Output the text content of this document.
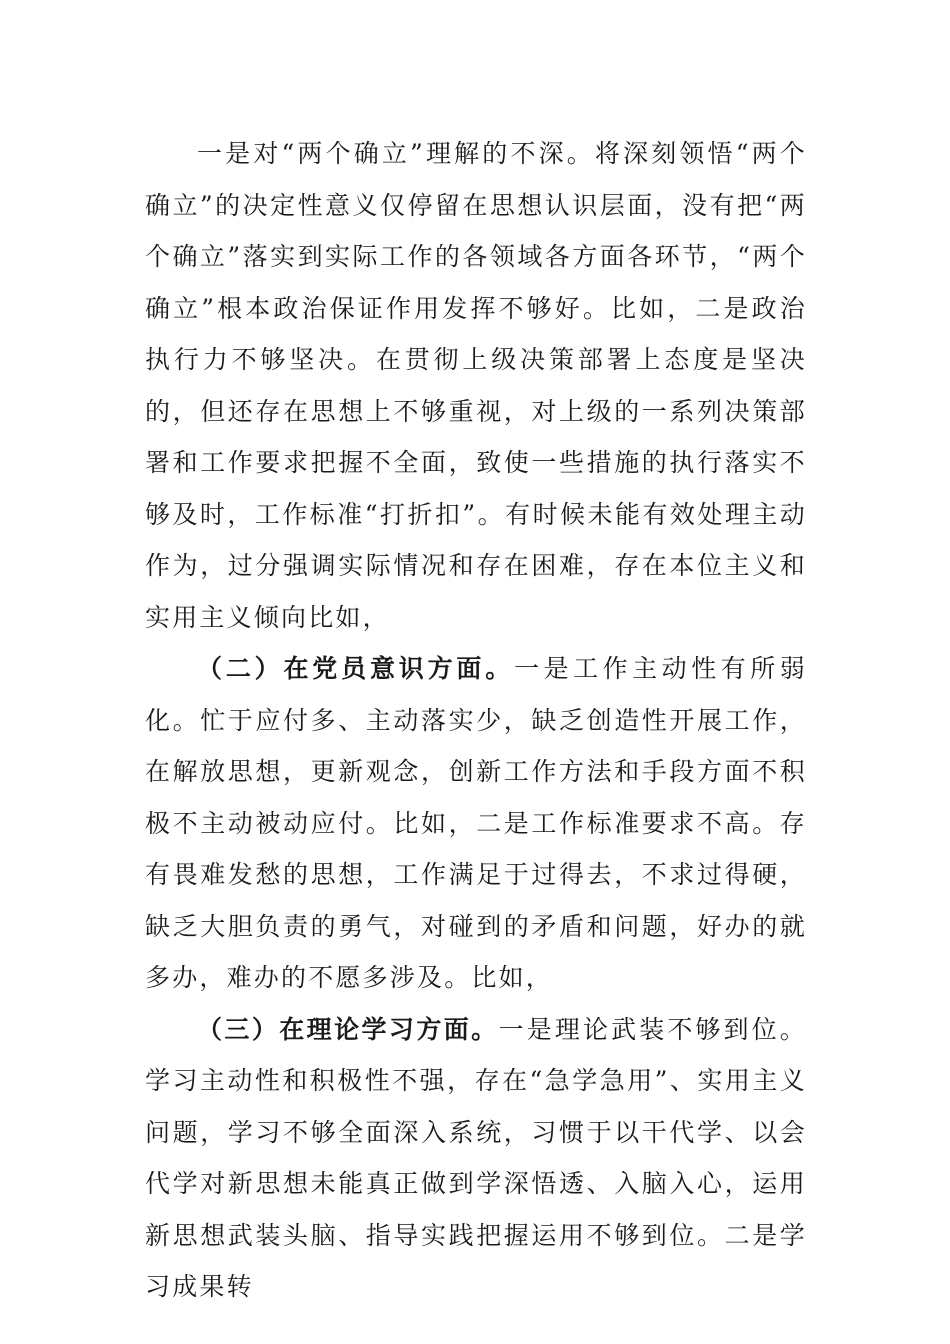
一是对“两个确立”理解的不深。将深刻领悟“两个确立”的决定性意义仅停留在思想认识层面，没有把“两个确立”落实到实际工作的各领域各方面各环节，“两个确立”根本政治保证作用发挥不够好。比如，二是政治执行力不够坚决。在贯彻上级决策部署上态度是坚决的，但还存在思想上不够重视，对上级的一系列决策部署和工作要求把握不全面，致使一些措施的执行落实不够及时，工作标准“打折扣”。有时候未能有效处理主动作为，过分强调实际情况和存在困难，存在本位主义和实用主义倾向比如，

（二）在党员意识方面。一是工作主动性有所弱化。忙于应付多、主动落实少，缺乏创造性开展工作，在解放思想，更新观念，创新工作方法和手段方面不积极不主动被动应付。比如，二是工作标准要求不高。存有畏难发愁的思想，工作满足于过得去，不求过得硬，缺乏大胆负责的勇气，对碰到的矛盾和问题，好办的就多办，难办的不愿多涉及。比如，

（三）在理论学习方面。一是理论武装不够到位。学习主动性和积极性不强，存在“急学急用”、实用主义问题，学习不够全面深入系统，习惯于以干代学、以会代学对新思想未能真正做到学深悟透、入脑入心，运用新思想武装头脑、指导实践把握运用不够到位。二是学习成果转
